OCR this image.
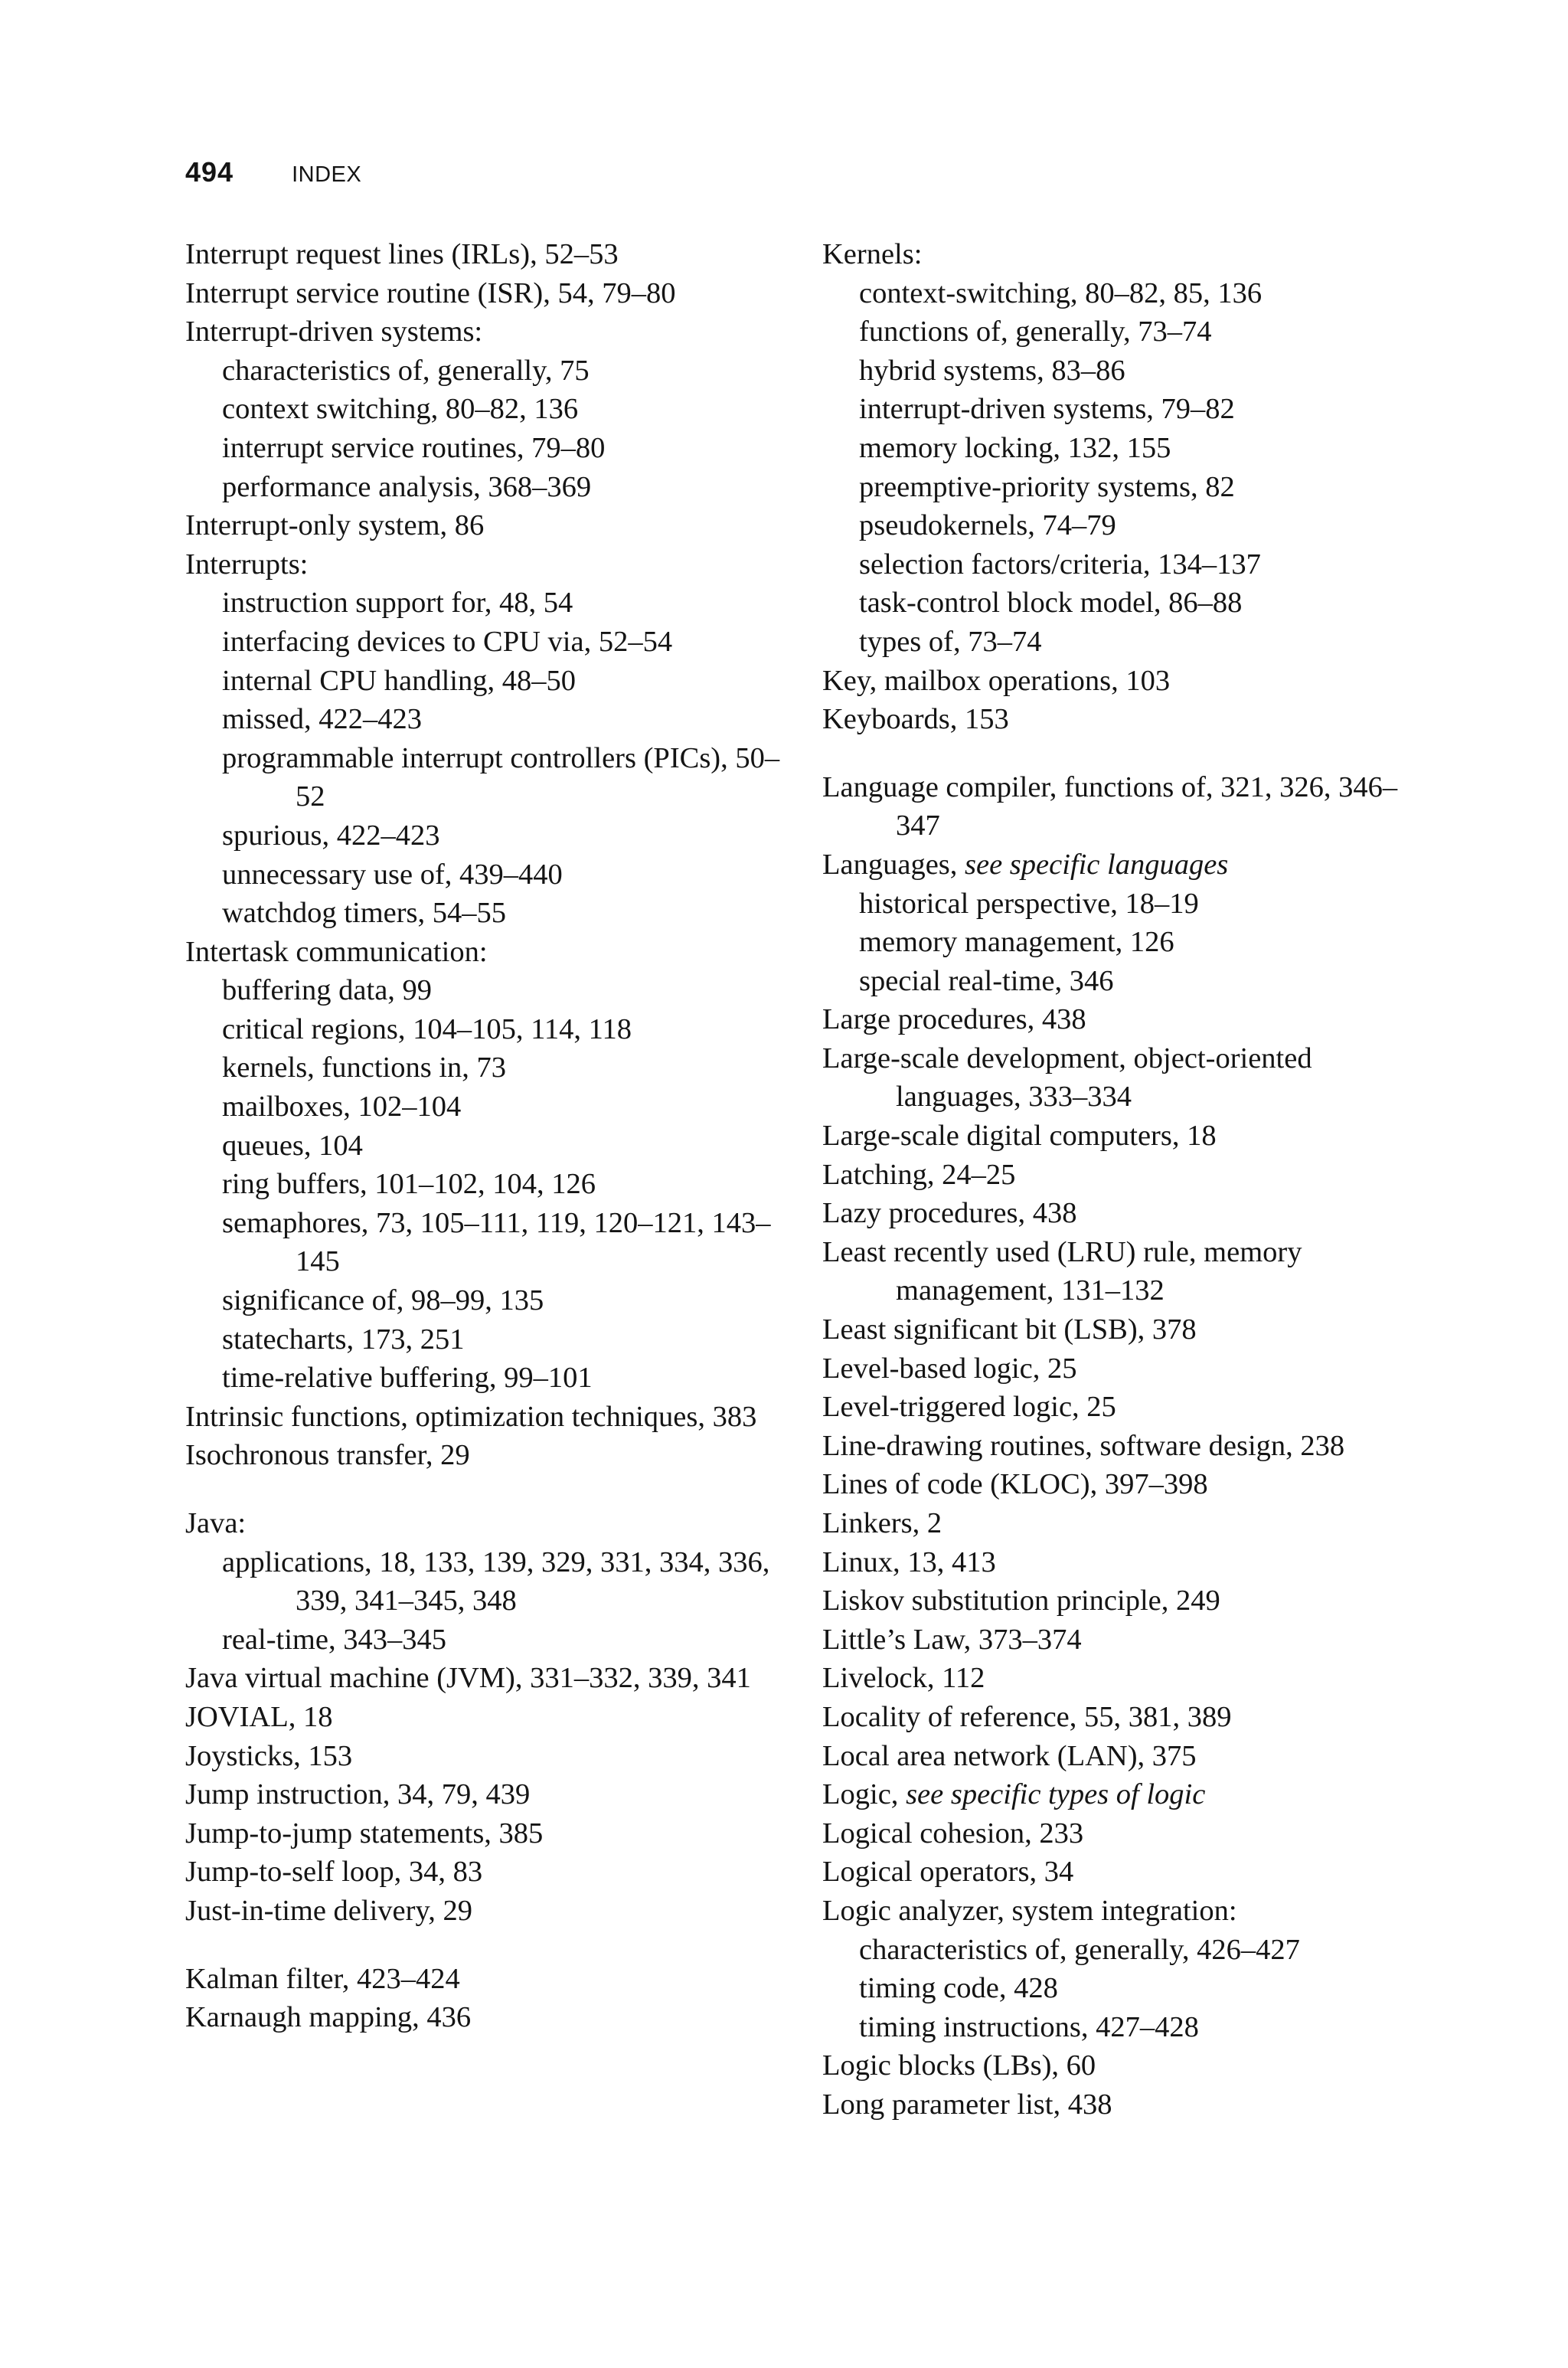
494	INDEX
Interrupt request lines (IRLs), 52–53
Interrupt service routine (ISR), 54, 79–80
Interrupt-driven systems:
characteristics of, generally, 75
context switching, 80–82, 136
interrupt service routines, 79–80
performance analysis, 368–369
Interrupt-only system, 86
Interrupts:
instruction support for, 48, 54
interfacing devices to CPU via, 52–54
internal CPU handling, 48–50
missed, 422–423
programmable interrupt controllers (PICs), 50–52
spurious, 422–423
unnecessary use of, 439–440
watchdog timers, 54–55
Intertask communication:
buffering data, 99
critical regions, 104–105, 114, 118
kernels, functions in, 73
mailboxes, 102–104
queues, 104
ring buffers, 101–102, 104, 126
semaphores, 73, 105–111, 119, 120–121, 143–145
significance of, 98–99, 135
statecharts, 173, 251
time-relative buffering, 99–101
Intrinsic functions, optimization techniques, 383
Isochronous transfer, 29
Java:
applications, 18, 133, 139, 329, 331, 334, 336, 339, 341–345, 348
real-time, 343–345
Java virtual machine (JVM), 331–332, 339, 341
JOVIAL, 18
Joysticks, 153
Jump instruction, 34, 79, 439
Jump-to-jump statements, 385
Jump-to-self loop, 34, 83
Just-in-time delivery, 29
Kalman filter, 423–424
Karnaugh mapping, 436
Kernels:
context-switching, 80–82, 85, 136
functions of, generally, 73–74
hybrid systems, 83–86
interrupt-driven systems, 79–82
memory locking, 132, 155
preemptive-priority systems, 82
pseudokernels, 74–79
selection factors/criteria, 134–137
task-control block model, 86–88
types of, 73–74
Key, mailbox operations, 103
Keyboards, 153
Language compiler, functions of, 321, 326, 346–347
Languages, see specific languages
historical perspective, 18–19
memory management, 126
special real-time, 346
Large procedures, 438
Large-scale development, object-oriented languages, 333–334
Large-scale digital computers, 18
Latching, 24–25
Lazy procedures, 438
Least recently used (LRU) rule, memory management, 131–132
Least significant bit (LSB), 378
Level-based logic, 25
Level-triggered logic, 25
Line-drawing routines, software design, 238
Lines of code (KLOC), 397–398
Linkers, 2
Linux, 13, 413
Liskov substitution principle, 249
Little’s Law, 373–374
Livelock, 112
Locality of reference, 55, 381, 389
Local area network (LAN), 375
Logic, see specific types of logic
Logical cohesion, 233
Logical operators, 34
Logic analyzer, system integration:
characteristics of, generally, 426–427
timing code, 428
timing instructions, 427–428
Logic blocks (LBs), 60
Long parameter list, 438
